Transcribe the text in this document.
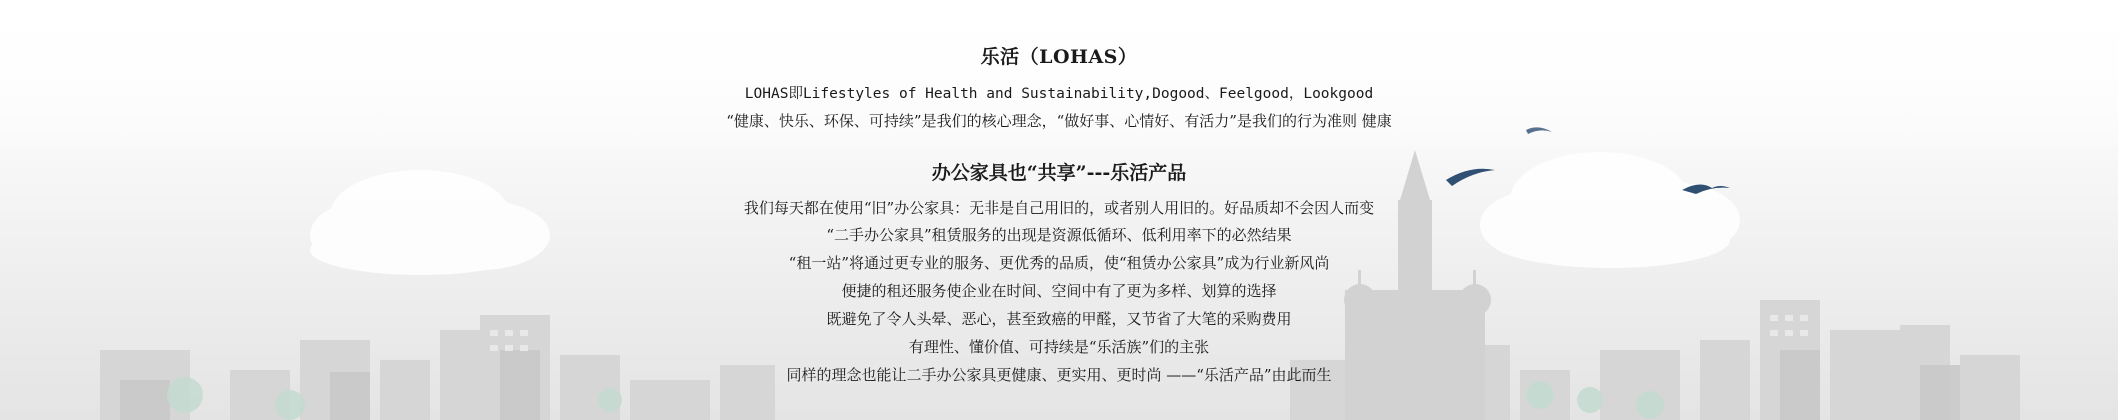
乐活（LOHAS）
LOHAS即Lifestyles of Health and Sustainability,Dogood、Feelgood，Lookgood
“健康、快乐、环保、可持续”是我们的核心理念，“做好事、心情好、有活力”是我们的行为准则 健康
办公家具也“共享”---乐活产品
我们每天都在使用“旧”办公家具：无非是自己用旧的，或者别人用旧的。好品质却不会因人而变
“二手办公家具”租赁服务的出现是资源低循环、低利用率下的必然结果
“租一站”将通过更专业的服务、更优秀的品质，使“租赁办公家具”成为行业新风尚
便捷的租还服务使企业在时间、空间中有了更为多样、划算的选择
既避免了令人头晕、恶心，甚至致癌的甲醛，又节省了大笔的采购费用
有理性、懂价值、可持续是“乐活族”们的主张
同样的理念也能让二手办公家具更健康、更实用、更时尚 ——“乐活产品”由此而生
